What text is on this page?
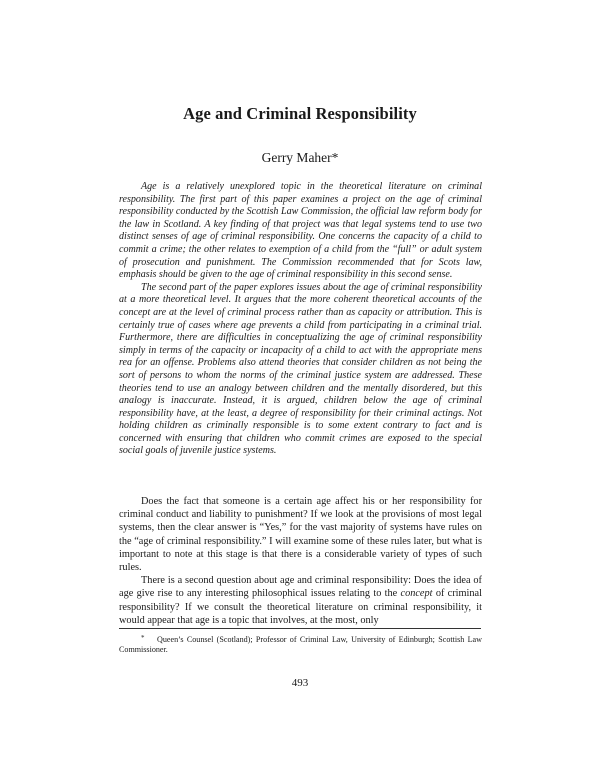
Age and Criminal Responsibility
Gerry Maher*

Age is a relatively unexplored topic in the theoretical literature on criminal responsibility. The first part of this paper examines a project on the age of criminal responsibility conducted by the Scottish Law Commission, the official law reform body for the law in Scotland. A key finding of that project was that legal systems tend to use two distinct senses of age of criminal responsibility. One concerns the capacity of a child to commit a crime; the other relates to exemption of a child from the “full” or adult system of prosecution and punishment. The Commission recommended that for Scots law, emphasis should be given to the age of criminal responsibility in this second sense.

The second part of the paper explores issues about the age of criminal responsibility at a more theoretical level. It argues that the more coherent theoretical accounts of the concept are at the level of criminal process rather than as capacity or attribution. This is certainly true of cases where age prevents a child from participating in a criminal trial. Furthermore, there are difficulties in conceptualizing the age of criminal responsibility simply in terms of the capacity or incapacity of a child to act with the appropriate mens rea for an offense. Problems also attend theories that consider children as not being the sort of persons to whom the norms of the criminal justice system are addressed. These theories tend to use an analogy between children and the mentally disordered, but this analogy is inaccurate. Instead, it is argued, children below the age of criminal responsibility have, at the least, a degree of responsibility for their criminal actings. Not holding children as criminally responsible is to some extent contrary to fact and is concerned with ensuring that children who commit crimes are exposed to the special social goals of juvenile justice systems.

Does the fact that someone is a certain age affect his or her responsibility for criminal conduct and liability to punishment? If we look at the provisions of most legal systems, then the clear answer is “Yes,” for the vast majority of systems have rules on the “age of criminal responsibility.” I will examine some of these rules later, but what is important to note at this stage is that there is a considerable variety of types of such rules.

There is a second question about age and criminal responsibility: Does the idea of age give rise to any interesting philosophical issues relating to the concept of criminal responsibility? If we consult the theoretical literature on criminal responsibility, it would appear that age is a topic that involves, at the most, only

* Queen’s Counsel (Scotland); Professor of Criminal Law, University of Edinburgh; Scottish Law Commissioner.
493
